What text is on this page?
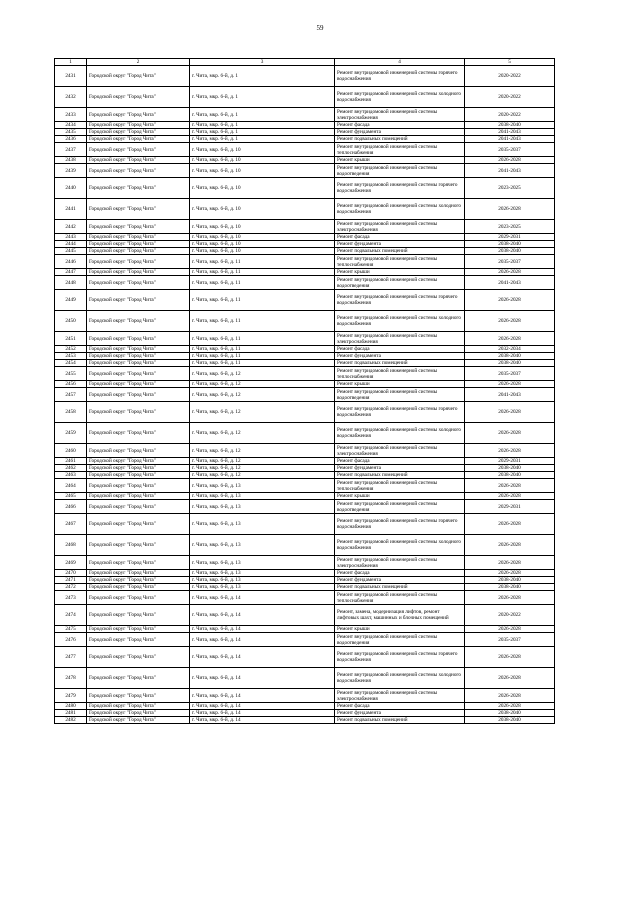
59
1	2	3	4	5
2431	Городской округ "Город Чита"	г. Чита, мкр. 6-й, д. 1	Ремонт внутридомовой инженерной системы горячего водоснабжения	2020-2022
2432	Городской округ "Город Чита"	г. Чита, мкр. 6-й, д. 1	Ремонт внутридомовой инженерной системы холодного водоснабжения	2020-2022
2433	Городской округ "Город Чита"	г. Чита, мкр. 6-й, д. 1	Ремонт внутридомовой инженерной системы электроснабжения	2020-2022
2434	Городской округ "Город Чита"	г. Чита, мкр. 6-й, д. 1	Ремонт фасада	2038-2040
2435	Городской округ "Город Чита"	г. Чита, мкр. 6-й, д. 1	Ремонт фундамента	2041-2043
2436	Городской округ "Город Чита"	г. Чита, мкр. 6-й, д. 1	Ремонт подвальных помещений	2041-2043
2437	Городской округ "Город Чита"	г. Чита, мкр. 6-й, д. 10	Ремонт внутридомовой инженерной системы теплоснабжения	2035-2037
2438	Городской округ "Город Чита"	г. Чита, мкр. 6-й, д. 10	Ремонт крыши	2026-2028
2439	Городской округ "Город Чита"	г. Чита, мкр. 6-й, д. 10	Ремонт внутридомовой инженерной системы водоотведения	2041-2043
2440	Городской округ "Город Чита"	г. Чита, мкр. 6-й, д. 10	Ремонт внутридомовой инженерной системы горячего водоснабжения	2023-2025
2441	Городской округ "Город Чита"	г. Чита, мкр. 6-й, д. 10	Ремонт внутридомовой инженерной системы холодного водоснабжения	2026-2028
2442	Городской округ "Город Чита"	г. Чита, мкр. 6-й, д. 10	Ремонт внутридомовой инженерной системы электроснабжения	2023-2025
2443	Городской округ "Город Чита"	г. Чита, мкр. 6-й, д. 10	Ремонт фасада	2029-2031
2444	Городской округ "Город Чита"	г. Чита, мкр. 6-й, д. 10	Ремонт фундамента	2038-2040
2445	Городской округ "Город Чита"	г. Чита, мкр. 6-й, д. 10	Ремонт подвальных помещений	2038-2040
2446	Городской округ "Город Чита"	г. Чита, мкр. 6-й, д. 11	Ремонт внутридомовой инженерной системы теплоснабжения	2035-2037
2447	Городской округ "Город Чита"	г. Чита, мкр. 6-й, д. 11	Ремонт крыши	2026-2028
2448	Городской округ "Город Чита"	г. Чита, мкр. 6-й, д. 11	Ремонт внутридомовой инженерной системы водоотведения	2041-2043
2449	Городской округ "Город Чита"	г. Чита, мкр. 6-й, д. 11	Ремонт внутридомовой инженерной системы горячего водоснабжения	2026-2028
2450	Городской округ "Город Чита"	г. Чита, мкр. 6-й, д. 11	Ремонт внутридомовой инженерной системы холодного водоснабжения	2026-2028
2451	Городской округ "Город Чита"	г. Чита, мкр. 6-й, д. 11	Ремонт внутридомовой инженерной системы электроснабжения	2026-2028
2452	Городской округ "Город Чита"	г. Чита, мкр. 6-й, д. 11	Ремонт фасада	2032-2034
2453	Городской округ "Город Чита"	г. Чита, мкр. 6-й, д. 11	Ремонт фундамента	2038-2040
2454	Городской округ "Город Чита"	г. Чита, мкр. 6-й, д. 11	Ремонт подвальных помещений	2038-2040
2455	Городской округ "Город Чита"	г. Чита, мкр. 6-й, д. 12	Ремонт внутридомовой инженерной системы теплоснабжения	2035-2037
2456	Городской округ "Город Чита"	г. Чита, мкр. 6-й, д. 12	Ремонт крыши	2026-2028
2457	Городской округ "Город Чита"	г. Чита, мкр. 6-й, д. 12	Ремонт внутридомовой инженерной системы водоотведения	2041-2043
2458	Городской округ "Город Чита"	г. Чита, мкр. 6-й, д. 12	Ремонт внутридомовой инженерной системы горячего водоснабжения	2026-2028
2459	Городской округ "Город Чита"	г. Чита, мкр. 6-й, д. 12	Ремонт внутридомовой инженерной системы холодного водоснабжения	2026-2028
2460	Городской округ "Город Чита"	г. Чита, мкр. 6-й, д. 12	Ремонт внутридомовой инженерной системы электроснабжения	2026-2028
2461	Городской округ "Город Чита"	г. Чита, мкр. 6-й, д. 12	Ремонт фасада	2029-2031
2462	Городской округ "Город Чита"	г. Чита, мкр. 6-й, д. 12	Ремонт фундамента	2038-2040
2463	Городской округ "Город Чита"	г. Чита, мкр. 6-й, д. 12	Ремонт подвальных помещений	2038-2040
2464	Городской округ "Город Чита"	г. Чита, мкр. 6-й, д. 13	Ремонт внутридомовой инженерной системы теплоснабжения	2026-2028
2465	Городской округ "Город Чита"	г. Чита, мкр. 6-й, д. 13	Ремонт крыши	2026-2028
2466	Городской округ "Город Чита"	г. Чита, мкр. 6-й, д. 13	Ремонт внутридомовой инженерной системы водоотведения	2029-2031
2467	Городской округ "Город Чита"	г. Чита, мкр. 6-й, д. 13	Ремонт внутридомовой инженерной системы горячего водоснабжения	2026-2028
2468	Городской округ "Город Чита"	г. Чита, мкр. 6-й, д. 13	Ремонт внутридомовой инженерной системы холодного водоснабжения	2026-2028
2469	Городской округ "Город Чита"	г. Чита, мкр. 6-й, д. 13	Ремонт внутридомовой инженерной системы электроснабжения	2026-2028
2470	Городской округ "Город Чита"	г. Чита, мкр. 6-й, д. 13	Ремонт фасада	2026-2028
2471	Городской округ "Город Чита"	г. Чита, мкр. 6-й, д. 13	Ремонт фундамента	2038-2040
2472	Городской округ "Город Чита"	г. Чита, мкр. 6-й, д. 13	Ремонт подвальных помещений	2038-2040
2473	Городской округ "Город Чита"	г. Чита, мкр. 6-й, д. 14	Ремонт внутридомовой инженерной системы теплоснабжения	2026-2028
2474	Городской округ "Город Чита"	г. Чита, мкр. 6-й, д. 14	Ремонт, замена, модернизация лифтов, ремонт лифтовых шахт, машинных и блочных помещений	2020-2022
2475	Городской округ "Город Чита"	г. Чита, мкр. 6-й, д. 14	Ремонт крыши	2026-2028
2476	Городской округ "Город Чита"	г. Чита, мкр. 6-й, д. 14	Ремонт внутридомовой инженерной системы водоотведения	2035-2037
2477	Городской округ "Город Чита"	г. Чита, мкр. 6-й, д. 14	Ремонт внутридомовой инженерной системы горячего водоснабжения	2026-2028
2478	Городской округ "Город Чита"	г. Чита, мкр. 6-й, д. 14	Ремонт внутридомовой инженерной системы холодного водоснабжения	2026-2028
2479	Городской округ "Город Чита"	г. Чита, мкр. 6-й, д. 14	Ремонт внутридомовой инженерной системы электроснабжения	2026-2028
2480	Городской округ "Город Чита"	г. Чита, мкр. 6-й, д. 14	Ремонт фасада	2026-2028
2481	Городской округ "Город Чита"	г. Чита, мкр. 6-й, д. 14	Ремонт фундамента	2038-2040
2482	Городской округ "Город Чита"	г. Чита, мкр. 6-й, д. 14	Ремонт подвальных помещений	2038-2040
